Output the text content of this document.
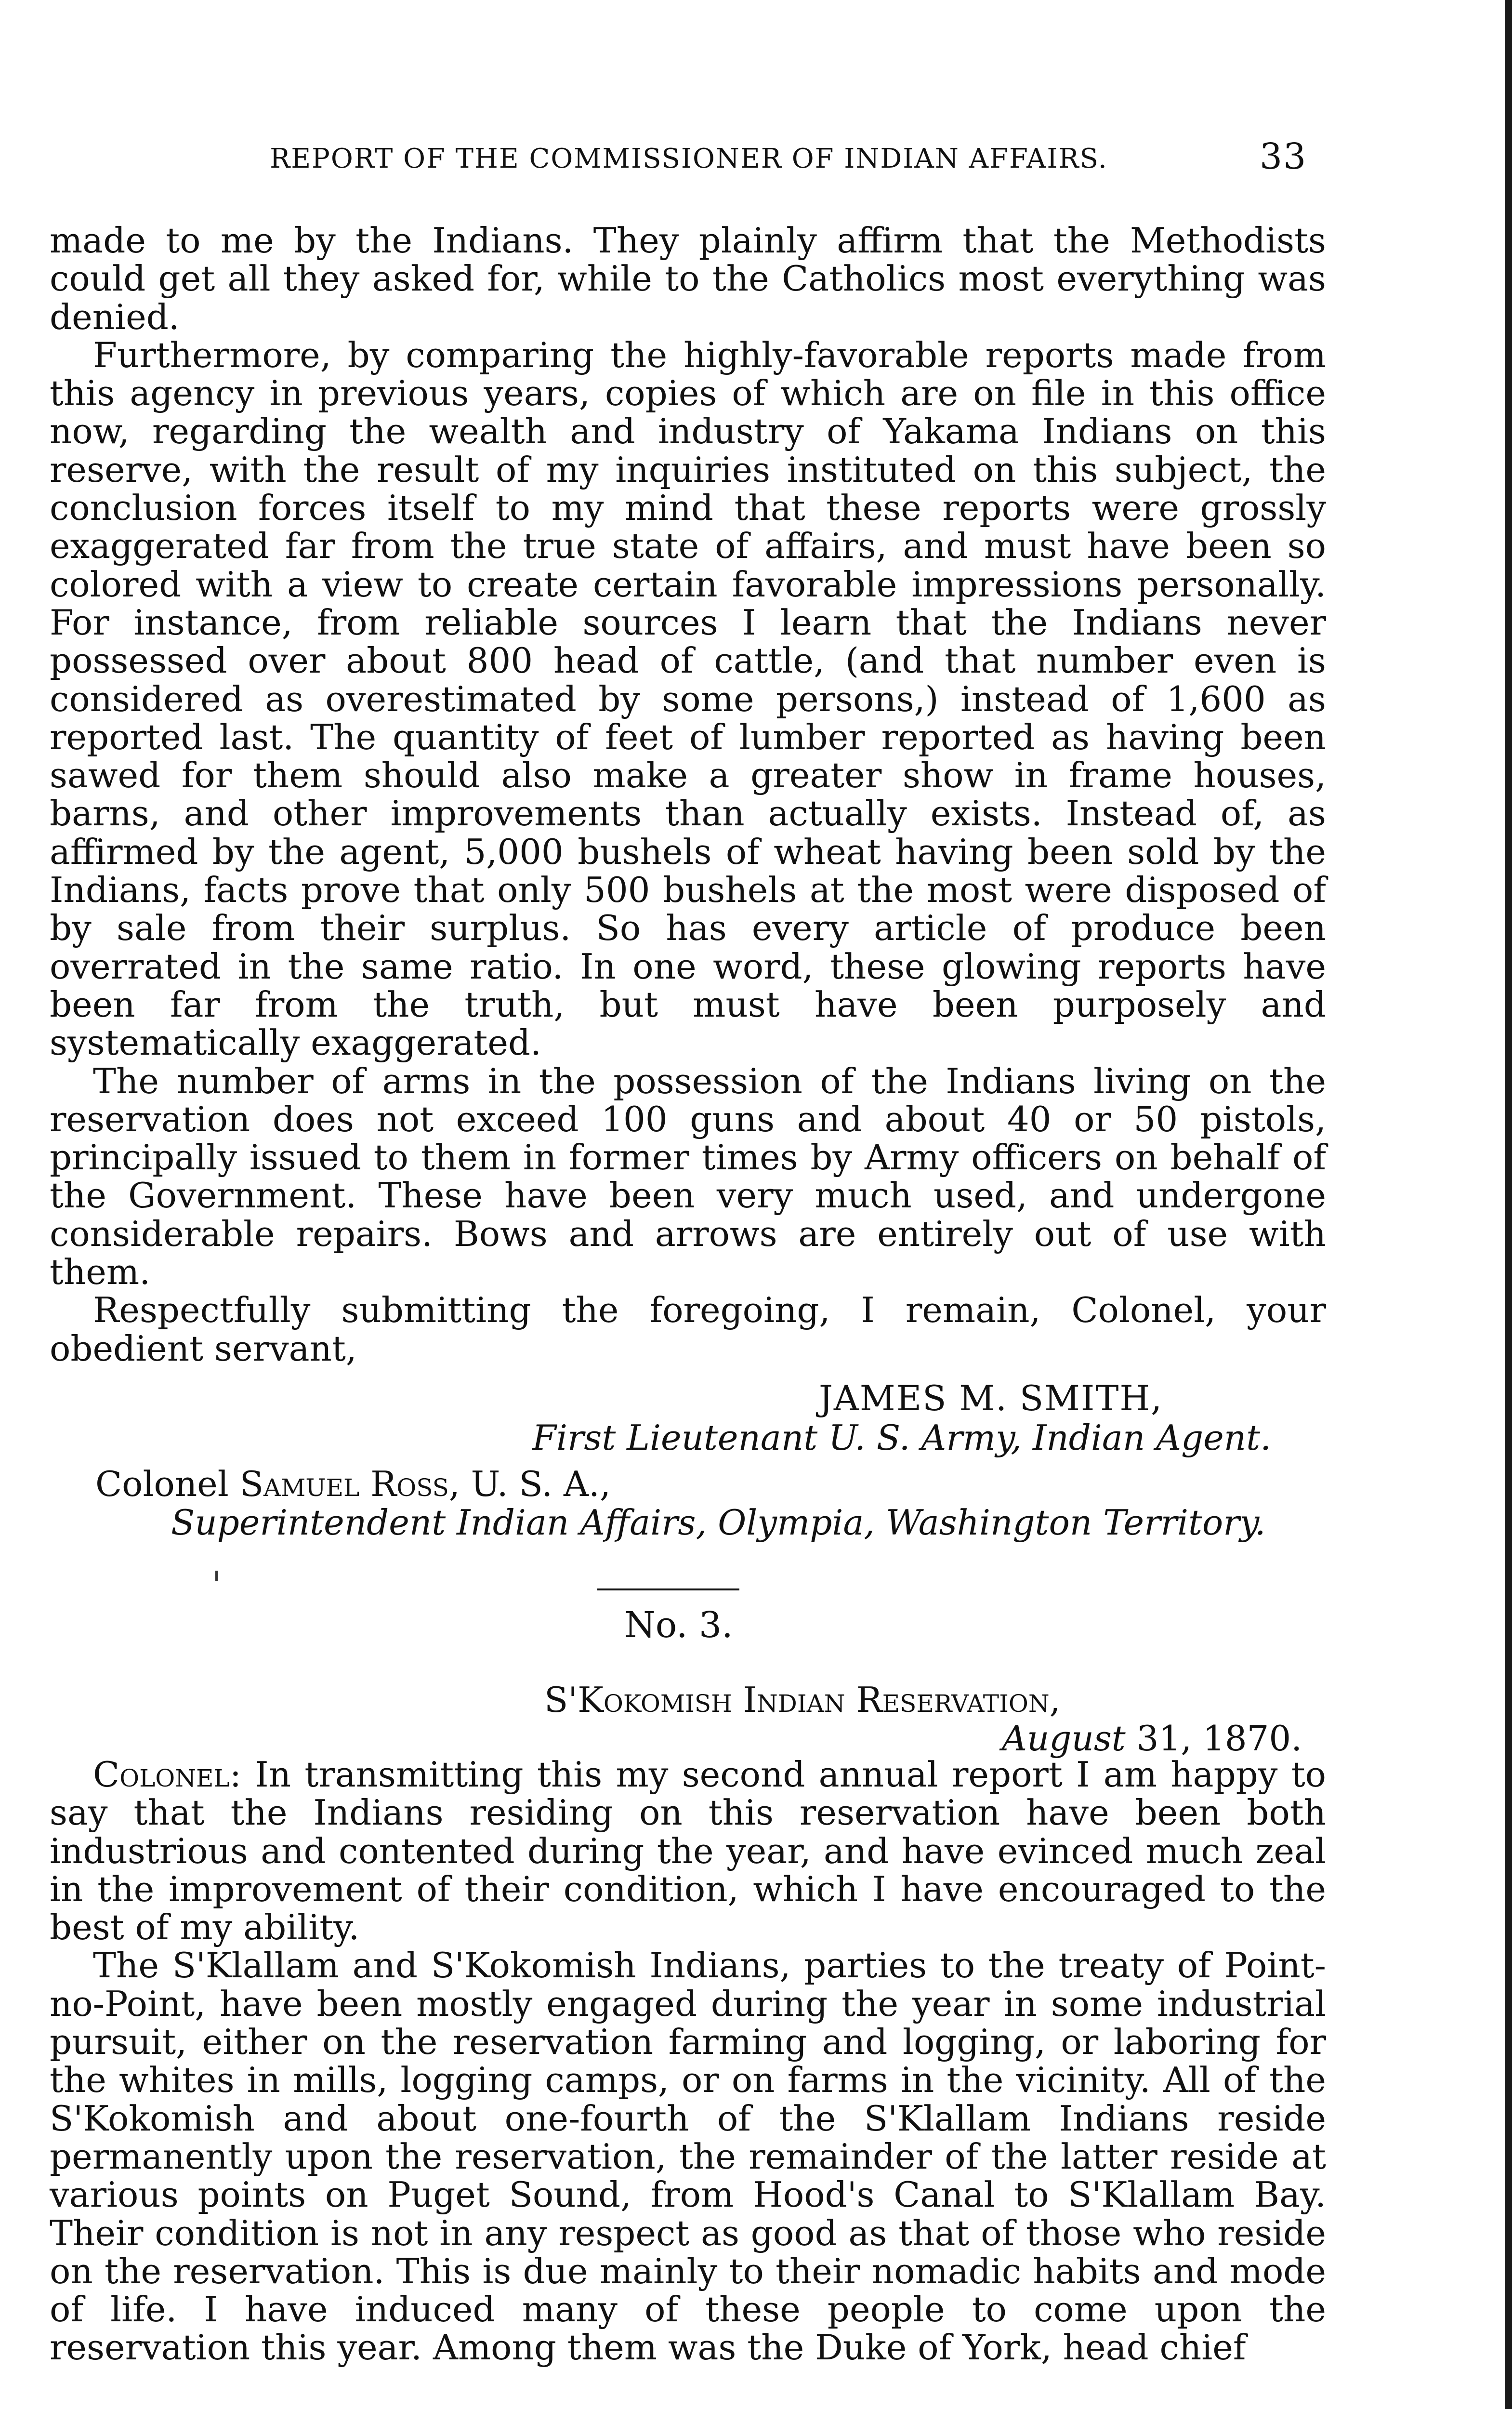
REPORT OF THE COMMISSIONER OF INDIAN AFFAIRS.	33

made to me by the Indians. They plainly affirm that the Methodists could get all they asked for, while to the Catholics most everything was denied.

Furthermore, by comparing the highly-favorable reports made from this agency in previous years, copies of which are on file in this office now, regarding the wealth and industry of Yakama Indians on this reserve, with the result of my inquiries instituted on this subject, the conclusion forces itself to my mind that these reports were grossly exaggerated far from the true state of affairs, and must have been so colored with a view to create certain favorable impressions personally. For instance, from reliable sources I learn that the Indians never possessed over about 800 head of cattle, (and that number even is considered as overestimated by some persons,) instead of 1,600 as reported last. The quantity of feet of lumber reported as having been sawed for them should also make a greater show in frame houses, barns, and other improvements than actually exists. Instead of, as affirmed by the agent, 5,000 bushels of wheat having been sold by the Indians, facts prove that only 500 bushels at the most were disposed of by sale from their surplus. So has every article of produce been overrated in the same ratio. In one word, these glowing reports have been far from the truth, but must have been purposely and systematically exaggerated.

The number of arms in the possession of the Indians living on the reservation does not exceed 100 guns and about 40 or 50 pistols, principally issued to them in former times by Army officers on behalf of the Government. These have been very much used, and undergone considerable repairs. Bows and arrows are entirely out of use with them.

Respectfully submitting the foregoing, I remain, Colonel, your obedient servant,

JAMES M. SMITH,
First Lieutenant U. S. Army, Indian Agent.
Colonel Samuel Ross, U. S. A.,
Superintendent Indian Affairs, Olympia, Washington Territory.
No. 3.
S'Kokomish Indian Reservation,
August 31, 1870.

Colonel: In transmitting this my second annual report I am happy to say that the Indians residing on this reservation have been both industrious and contented during the year, and have evinced much zeal in the improvement of their condition, which I have encouraged to the best of my ability.

The S'Klallam and S'Kokomish Indians, parties to the treaty of Point-no-Point, have been mostly engaged during the year in some industrial pursuit, either on the reservation farming and logging, or laboring for the whites in mills, logging camps, or on farms in the vicinity. All of the S'Kokomish and about one-fourth of the S'Klallam Indians reside permanently upon the reservation, the remainder of the latter reside at various points on Puget Sound, from Hood's Canal to S'Klallam Bay. Their condition is not in any respect as good as that of those who reside on the reservation. This is due mainly to their nomadic habits and mode of life. I have induced many of these people to come upon the reservation this year. Among them was the Duke of York, head chief
